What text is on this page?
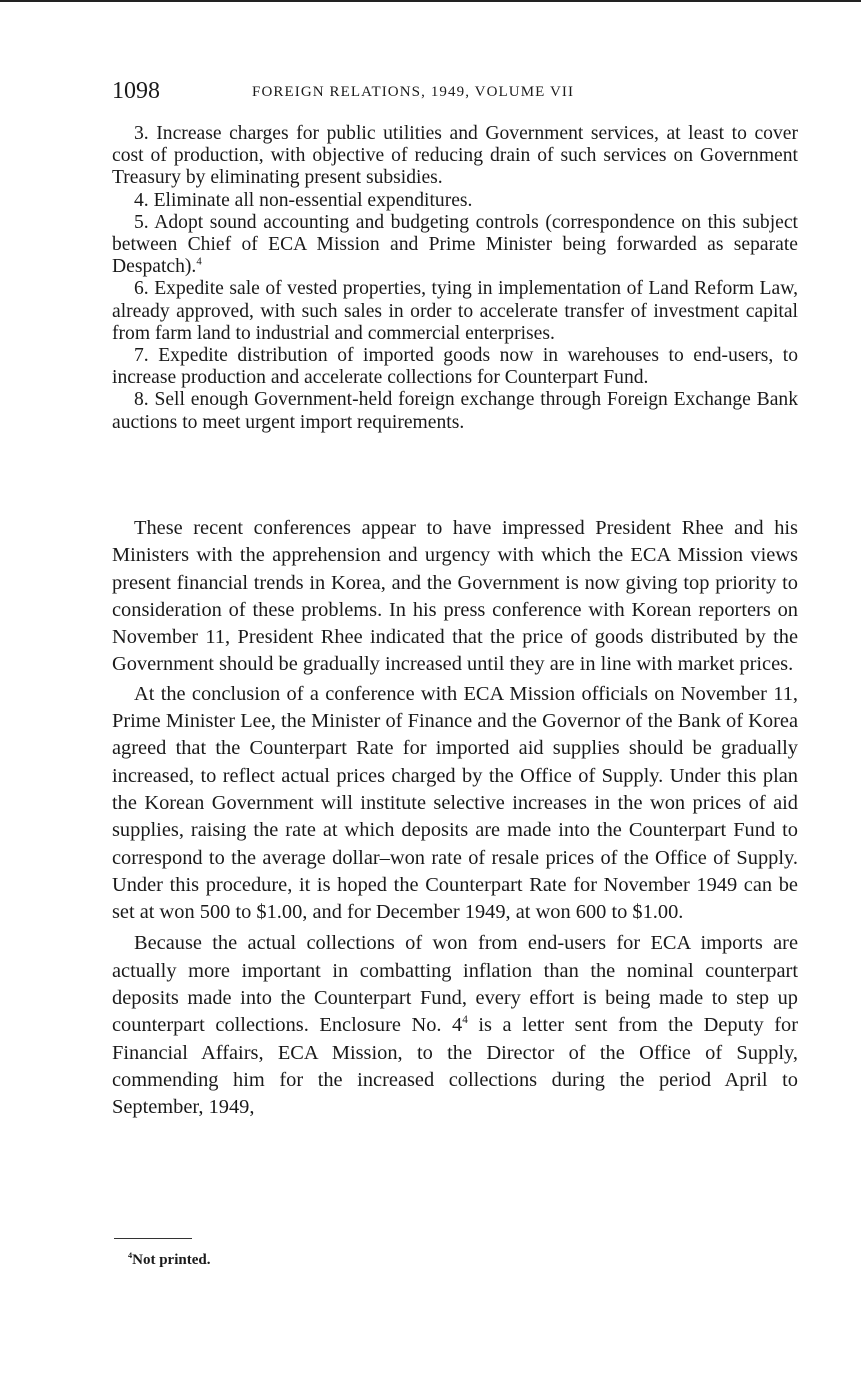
1098	FOREIGN RELATIONS, 1949, VOLUME VII

3. Increase charges for public utilities and Government services, at least to cover cost of production, with objective of reducing drain of such services on Government Treasury by eliminating present subsidies.

4. Eliminate all non-essential expenditures.

5. Adopt sound accounting and budgeting controls (correspondence on this subject between Chief of ECA Mission and Prime Minister being forwarded as separate Despatch).$^4$

6. Expedite sale of vested properties, tying in implementation of Land Reform Law, already approved, with such sales in order to accelerate transfer of investment capital from farm land to industrial and commercial enterprises.

7. Expedite distribution of imported goods now in warehouses to end-users, to increase production and accelerate collections for Counterpart Fund.

8. Sell enough Government-held foreign exchange through Foreign Exchange Bank auctions to meet urgent import requirements.

These recent conferences appear to have impressed President Rhee and his Ministers with the apprehension and urgency with which the ECA Mission views present financial trends in Korea, and the Government is now giving top priority to consideration of these problems. In his press conference with Korean reporters on November 11, President Rhee indicated that the price of goods distributed by the Government should be gradually increased until they are in line with market prices.

At the conclusion of a conference with ECA Mission officials on November 11, Prime Minister Lee, the Minister of Finance and the Governor of the Bank of Korea agreed that the Counterpart Rate for imported aid supplies should be gradually increased, to reflect actual prices charged by the Office of Supply. Under this plan the Korean Government will institute selective increases in the won prices of aid supplies, raising the rate at which deposits are made into the Counterpart Fund to correspond to the average dollar–won rate of resale prices of the Office of Supply. Under this procedure, it is hoped the Counterpart Rate for November 1949 can be set at won 500 to $1.00, and for December 1949, at won 600 to $1.00.

Because the actual collections of won from end-users for ECA imports are actually more important in combatting inflation than the nominal counterpart deposits made into the Counterpart Fund, every effort is being made to step up counterpart collections. Enclosure No. $4^4$ is a letter sent from the Deputy for Financial Affairs, ECA Mission, to the Director of the Office of Supply, commending him for the increased collections during the period April to September, 1949,

$^4$Not printed.
